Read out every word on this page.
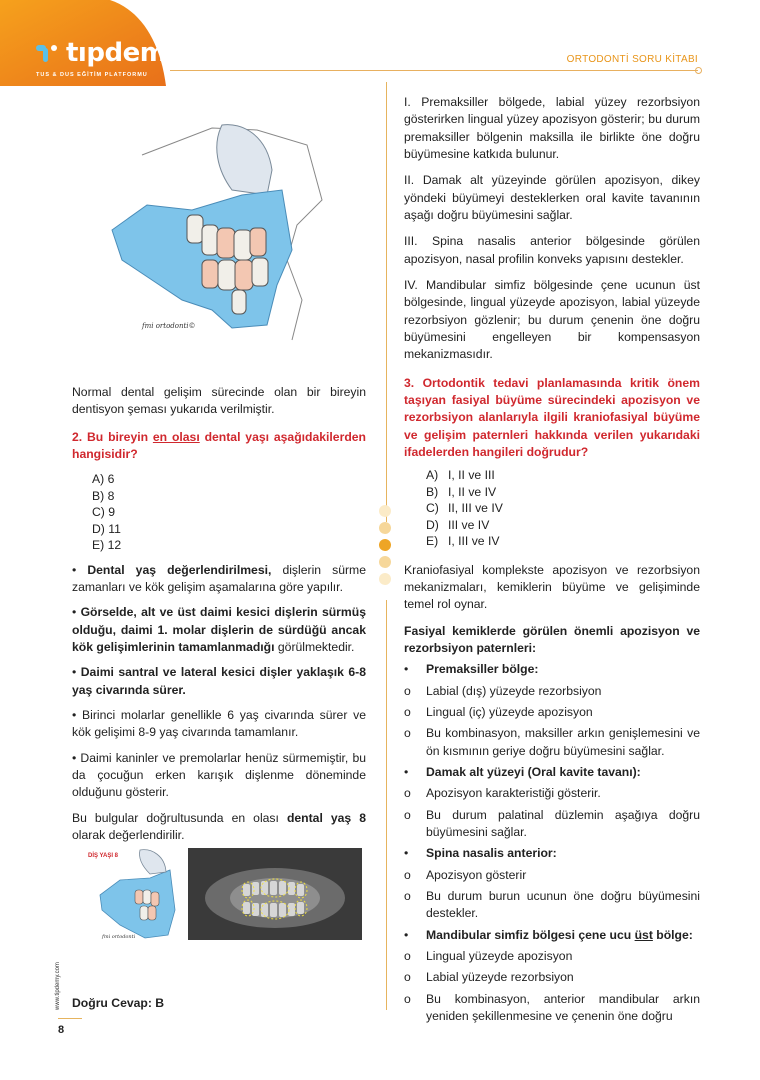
tıpdemy
TUS & DUS EĞİTİM PLATFORMU
ORTODONTİ SORU KİTABI
fmi ortodonti©

Normal dental gelişim sürecinde olan bir bireyin dentisyon şeması yukarıda verilmiştir.

2. Bu bireyin en olası dental yaşı aşağıdakilerden hangisidir?

A) 6
B) 8
C) 9
D) 11
E) 12

• Dental yaş değerlendirilmesi, dişlerin sürme zamanları ve kök gelişim aşamalarına göre yapılır.

• Görselde, alt ve üst daimi kesici dişlerin sürmüş olduğu, daimi 1. molar dişlerin de sürdüğü ancak kök gelişimlerinin tamamlanmadığı görülmektedir.

• Daimi santral ve lateral kesici dişler yaklaşık 6-8 yaş civarında sürer.

• Birinci molarlar genellikle 6 yaş civarında sürer ve kök gelişimi 8-9 yaş civarında tamamlanır.

• Daimi kaninler ve premolarlar henüz sürmemiştir, bu da çocuğun erken karışık dişlenme döneminde olduğunu gösterir.

Bu bulgular doğrultusunda en olası dental yaş 8 olarak değerlendirilir.

DİŞ YAŞI 8
fmi ortodonti
Doğru Cevap: B

I. Premaksiller bölgede, labial yüzey rezorbsiyon gösterirken lingual yüzey apozisyon gösterir; bu durum premaksiller bölgenin maksilla ile birlikte öne doğru büyümesine katkıda bulunur.

II. Damak alt yüzeyinde görülen apozisyon, dikey yöndeki büyümeyi desteklerken oral kavite tavanının aşağı doğru büyümesini sağlar.

III. Spina nasalis anterior bölgesinde görülen apozisyon, nasal profilin konveks yapısını destekler.

IV. Mandibular simfiz bölgesinde çene ucunun üst bölgesinde, lingual yüzeyde apozisyon, labial yüzeyde rezorbsiyon gözlenir; bu durum çenenin öne doğru büyümesini engelleyen bir kompensasyon mekanizmasıdır.

3. Ortodontik tedavi planlamasında kritik önem taşıyan fasiyal büyüme sürecindeki apozisyon ve rezorbsiyon alanlarıyla ilgili kraniofasiyal büyüme ve gelişim paternleri hakkında verilen yukarıdaki ifadelerden hangileri doğrudur?

A) I, II ve III
B) I, II ve IV
C) II, III ve IV
D) III ve IV
E) I, III ve IV

Kraniofasiyal komplekste apozisyon ve rezorbsiyon mekanizmaları, kemiklerin büyüme ve gelişiminde temel rol oynar.

Fasiyal kemiklerde görülen önemli apozisyon ve rezorbsiyon paternleri:

•	Premaksiller bölge:
o	Labial (dış) yüzeyde rezorbsiyon
o	Lingual (iç) yüzeyde apozisyon
o	Bu kombinasyon, maksiller arkın genişlemesini ve ön kısmının geriye doğru büyümesini sağlar.
•	Damak alt yüzeyi (Oral kavite tavanı):
o	Apozisyon karakteristiği gösterir.
o	Bu durum palatinal düzlemin aşağıya doğru büyümesini sağlar.
•	Spina nasalis anterior:
o	Apozisyon gösterir
o	Bu durum burun ucunun öne doğru büyümesini destekler.
•	Mandibular simfiz bölgesi çene ucu üst bölge:
o	Lingual yüzeyde apozisyon
o	Labial yüzeyde rezorbsiyon
o	Bu kombinasyon, anterior mandibular arkın yeniden şekillenmesine ve çenenin öne doğru
www.tipdemy.com
8
